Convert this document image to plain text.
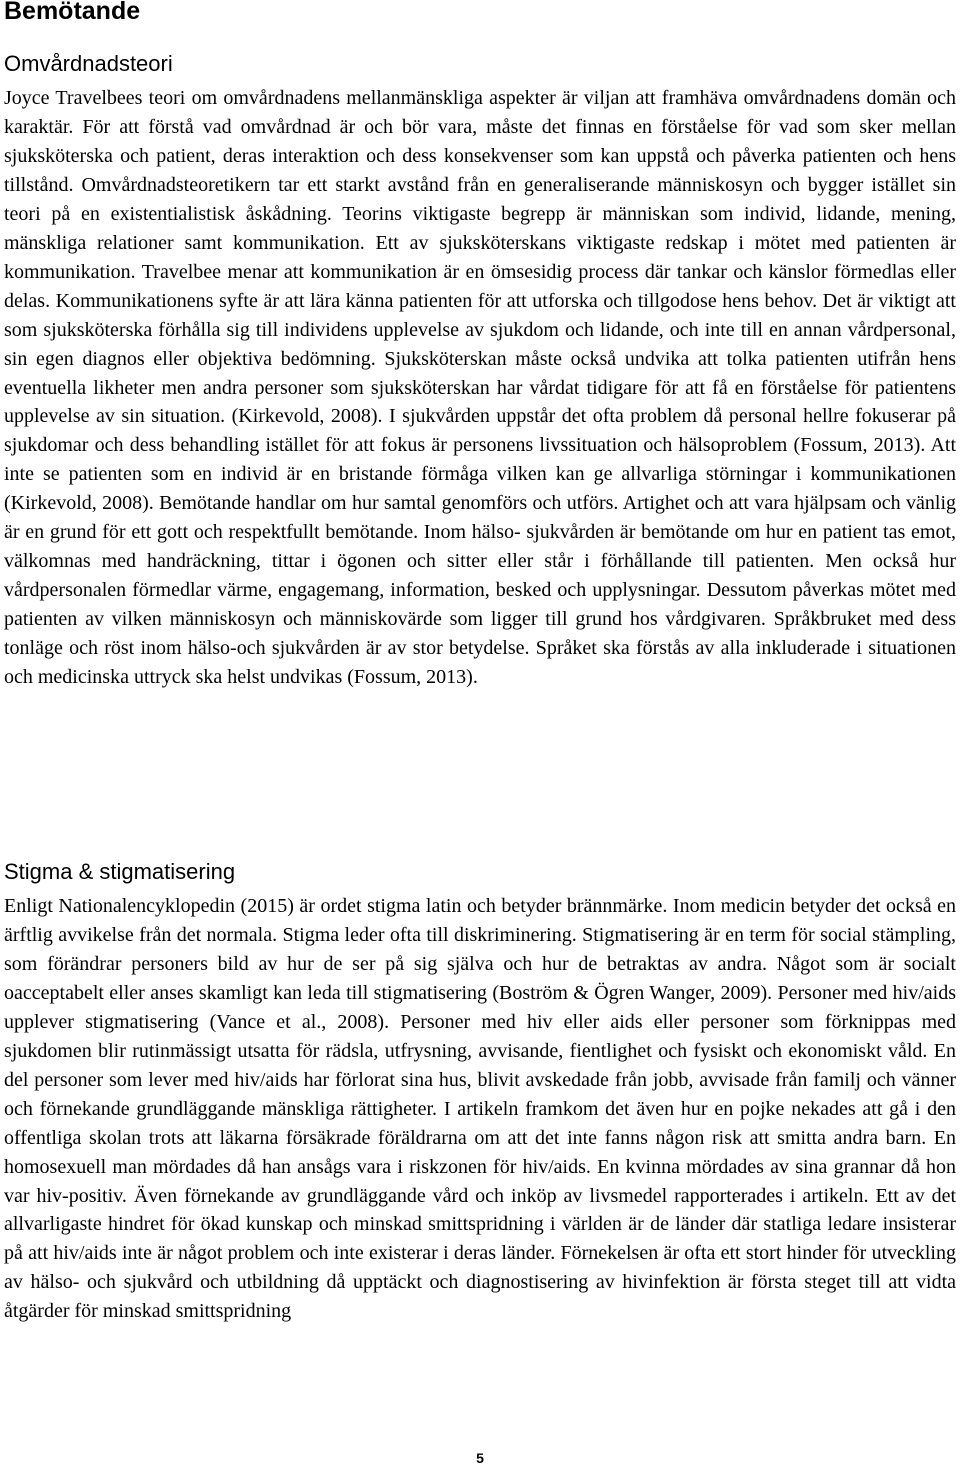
Bemötande
Omvårdnadsteori

Joyce Travelbees teori om omvårdnadens mellanmänskliga aspekter är viljan att framhäva omvårdnadens domän och karaktär. För att förstå vad omvårdnad är och bör vara, måste det finnas en förståelse för vad som sker mellan sjuksköterska och patient, deras interaktion och dess konsekvenser som kan uppstå och påverka patienten och hens tillstånd. Omvårdnadsteoretikern tar ett starkt avstånd från en generaliserande människosyn och bygger istället sin teori på en existentialistisk åskådning. Teorins viktigaste begrepp är människan som individ, lidande, mening, mänskliga relationer samt kommunikation. Ett av sjuksköterskans viktigaste redskap i mötet med patienten är kommunikation. Travelbee menar att kommunikation är en ömsesidig process där tankar och känslor förmedlas eller delas. Kommunikationens syfte är att lära känna patienten för att utforska och tillgodose hens behov. Det är viktigt att som sjuksköterska förhålla sig till individens upplevelse av sjukdom och lidande, och inte till en annan vårdpersonal, sin egen diagnos eller objektiva bedömning. Sjuksköterskan måste också undvika att tolka patienten utifrån hens eventuella likheter men andra personer som sjuksköterskan har vårdat tidigare för att få en förståelse för patientens upplevelse av sin situation. (Kirkevold, 2008). I sjukvården uppstår det ofta problem då personal hellre fokuserar på sjukdomar och dess behandling istället för att fokus är personens livssituation och hälsoproblem (Fossum, 2013). Att inte se patienten som en individ är en bristande förmåga vilken kan ge allvarliga störningar i kommunikationen (Kirkevold, 2008). Bemötande handlar om hur samtal genomförs och utförs. Artighet och att vara hjälpsam och vänlig är en grund för ett gott och respektfullt bemötande. Inom hälso- sjukvården är bemötande om hur en patient tas emot, välkomnas med handräckning, tittar i ögonen och sitter eller står i förhållande till patienten. Men också hur vårdpersonalen förmedlar värme, engagemang, information, besked och upplysningar. Dessutom påverkas mötet med patienten av vilken människosyn och människovärde som ligger till grund hos vårdgivaren. Språkbruket med dess tonläge och röst inom hälso-och sjukvården är av stor betydelse. Språket ska förstås av alla inkluderade i situationen och medicinska uttryck ska helst undvikas (Fossum, 2013).

Stigma & stigmatisering

Enligt Nationalencyklopedin (2015) är ordet stigma latin och betyder brännmärke. Inom medicin betyder det också en ärftlig avvikelse från det normala. Stigma leder ofta till diskriminering. Stigmatisering är en term för social stämpling, som förändrar personers bild av hur de ser på sig själva och hur de betraktas av andra. Något som är socialt oacceptabelt eller anses skamligt kan leda till stigmatisering (Boström & Ögren Wanger, 2009). Personer med hiv/aids upplever stigmatisering (Vance et al., 2008). Personer med hiv eller aids eller personer som förknippas med sjukdomen blir rutinmässigt utsatta för rädsla, utfrysning, avvisande, fientlighet och fysiskt och ekonomiskt våld. En del personer som lever med hiv/aids har förlorat sina hus, blivit avskedade från jobb, avvisade från familj och vänner och förnekande grundläggande mänskliga rättigheter. I artikeln framkom det även hur en pojke nekades att gå i den offentliga skolan trots att läkarna försäkrade föräldrarna om att det inte fanns någon risk att smitta andra barn. En homosexuell man mördades då han ansågs vara i riskzonen för hiv/aids. En kvinna mördades av sina grannar då hon var hiv-positiv. Även förnekande av grundläggande vård och inköp av livsmedel rapporterades i artikeln. Ett av det allvarligaste hindret för ökad kunskap och minskad smittspridning i världen är de länder där statliga ledare insisterar på att hiv/aids inte är något problem och inte existerar i deras länder. Förnekelsen är ofta ett stort hinder för utveckling av hälso- och sjukvård och utbildning då upptäckt och diagnostisering av hivinfektion är första steget till att vidta åtgärder för minskad smittspridning

5
